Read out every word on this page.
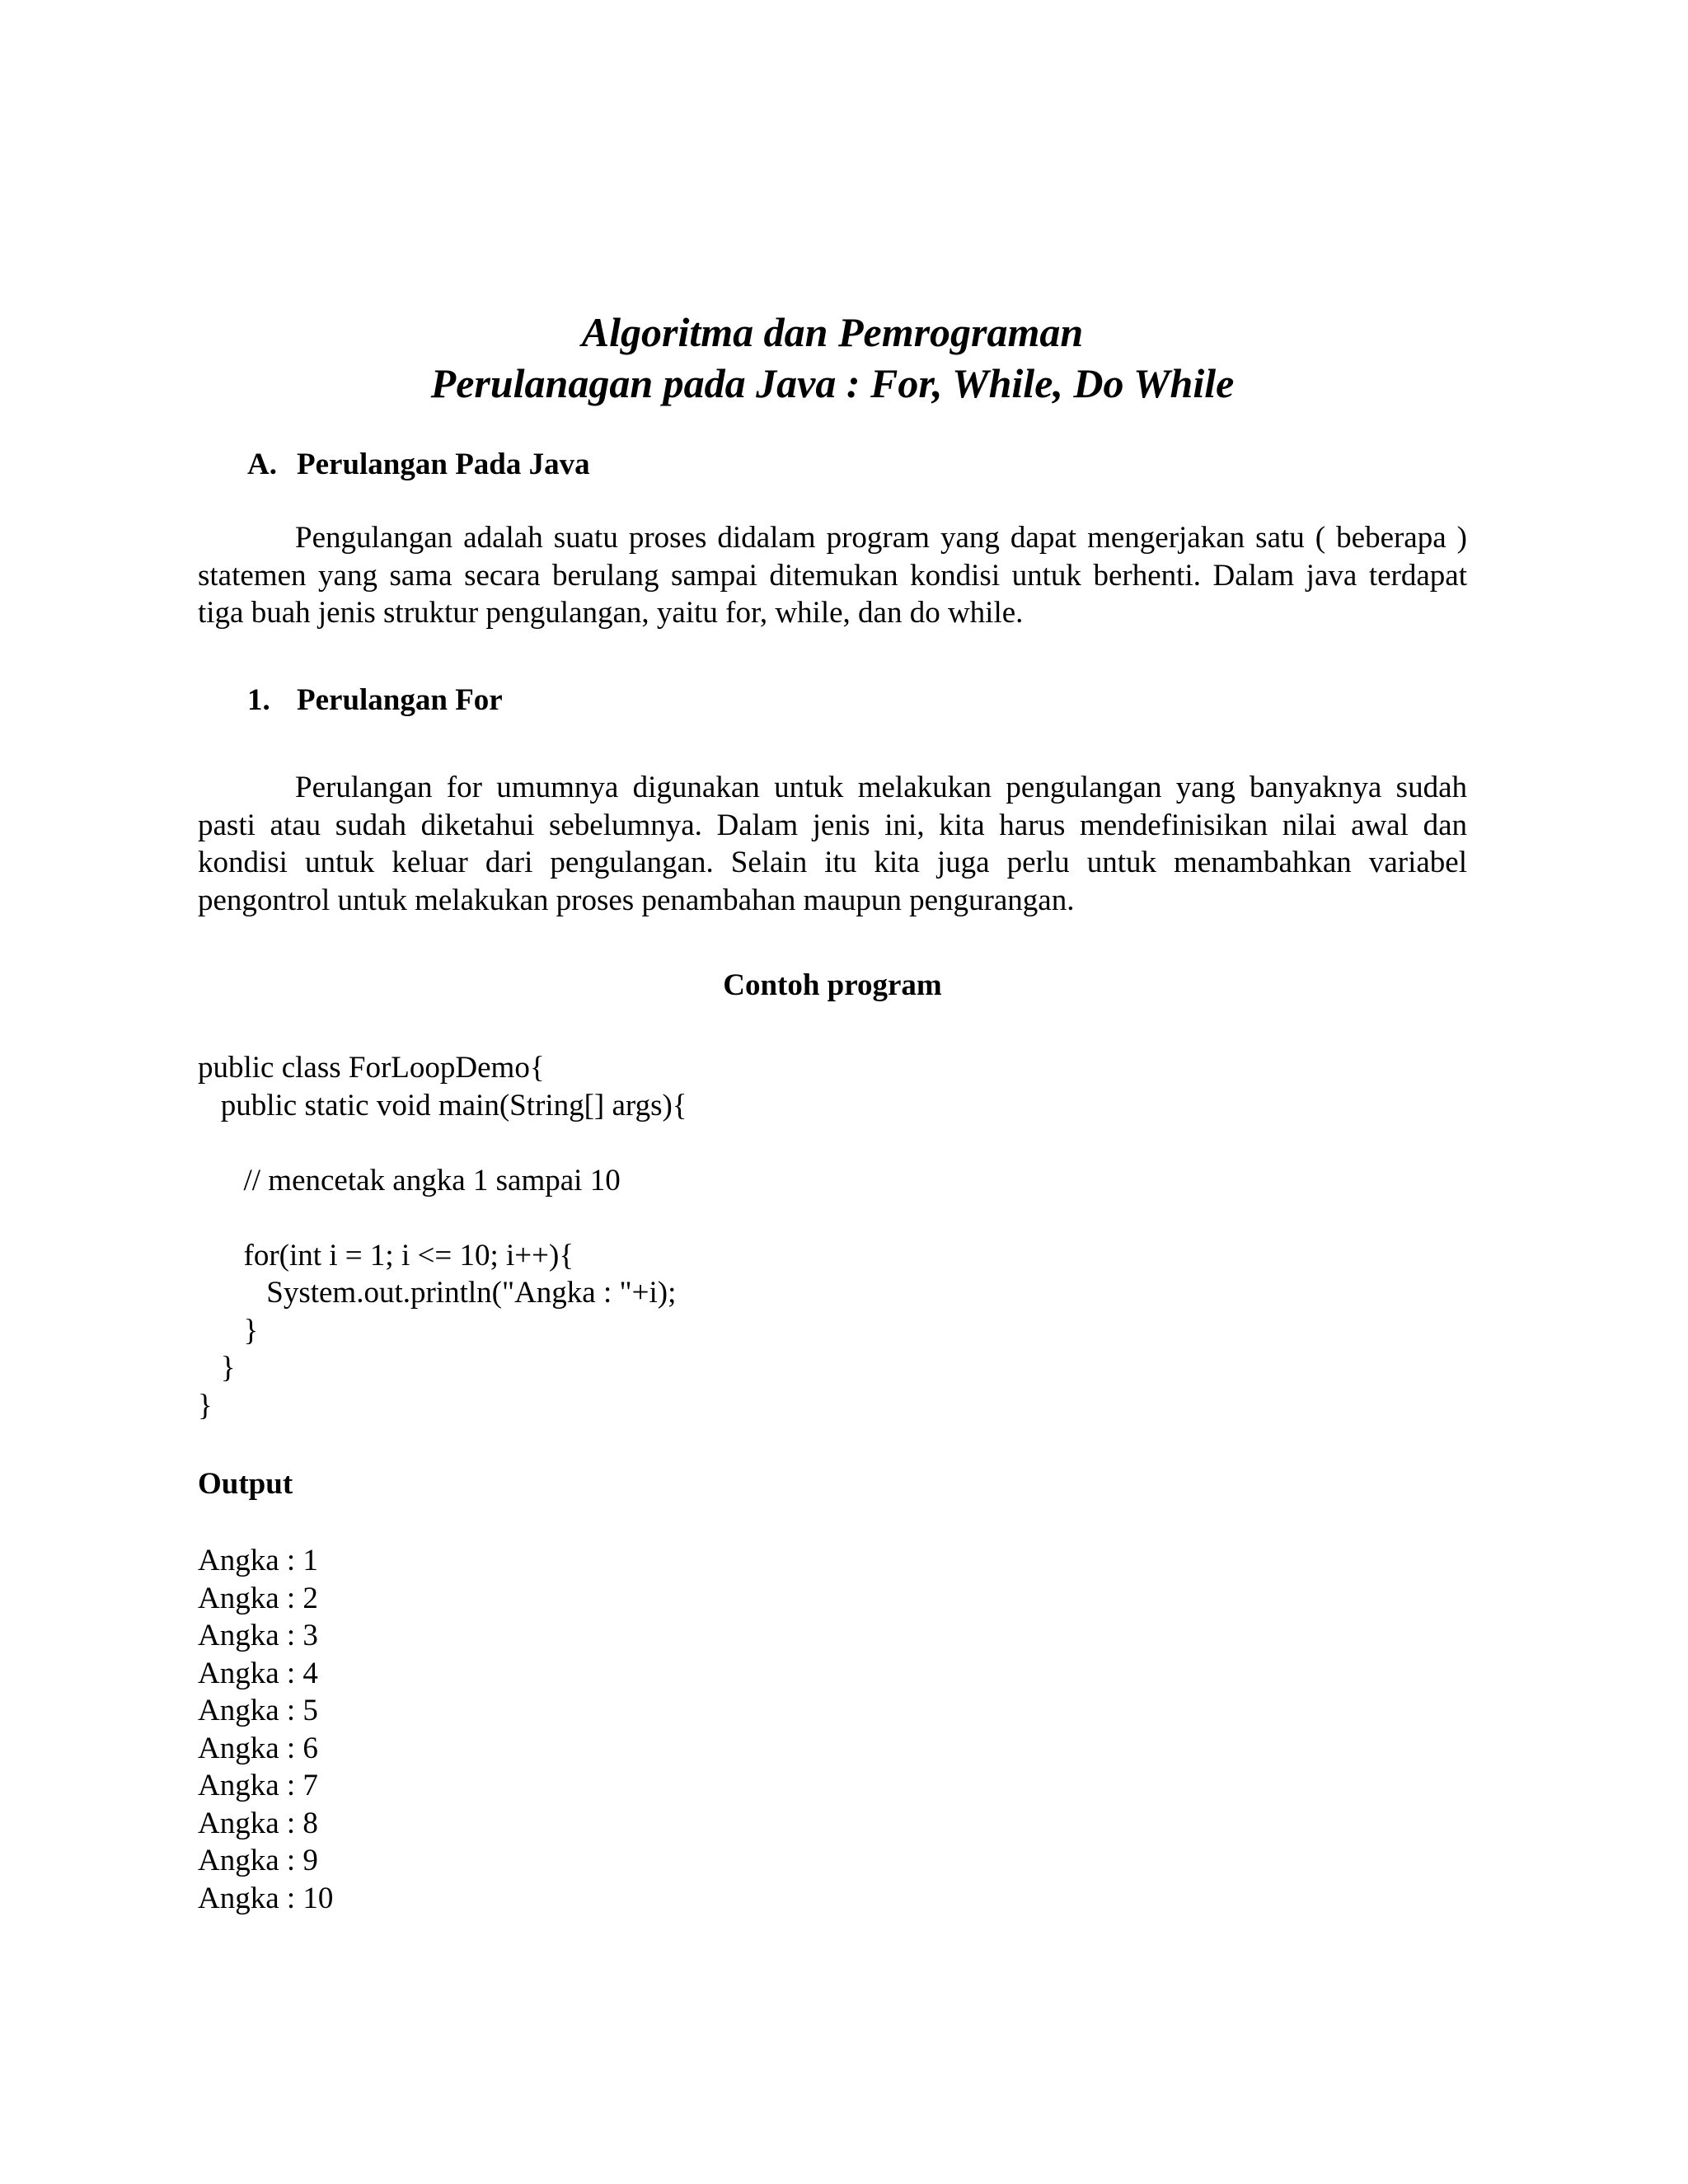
Algoritma dan Pemrograman
Perulanagan pada Java : For, While, Do While
A. Perulangan Pada Java

Pengulangan adalah suatu proses didalam program yang dapat mengerjakan satu ( beberapa ) statemen yang sama secara berulang sampai ditemukan kondisi untuk berhenti. Dalam java terdapat tiga buah jenis struktur pengulangan, yaitu for, while, dan do while.

1. Perulangan For

Perulangan for umumnya digunakan untuk melakukan pengulangan yang banyaknya sudah pasti atau sudah diketahui sebelumnya. Dalam jenis ini, kita harus mendefinisikan nilai awal dan kondisi untuk keluar dari pengulangan. Selain itu kita juga perlu untuk menambahkan variabel pengontrol untuk melakukan proses penambahan maupun pengurangan.

Contoh program
public class ForLoopDemo{
public static void main(String[] args){
// mencetak angka 1 sampai 10
for(int i = 1; i <= 10; i++){
System.out.println("Angka : "+i);
}
}
}
Output
Angka : 1
Angka : 2
Angka : 3
Angka : 4
Angka : 5
Angka : 6
Angka : 7
Angka : 8
Angka : 9
Angka : 10
